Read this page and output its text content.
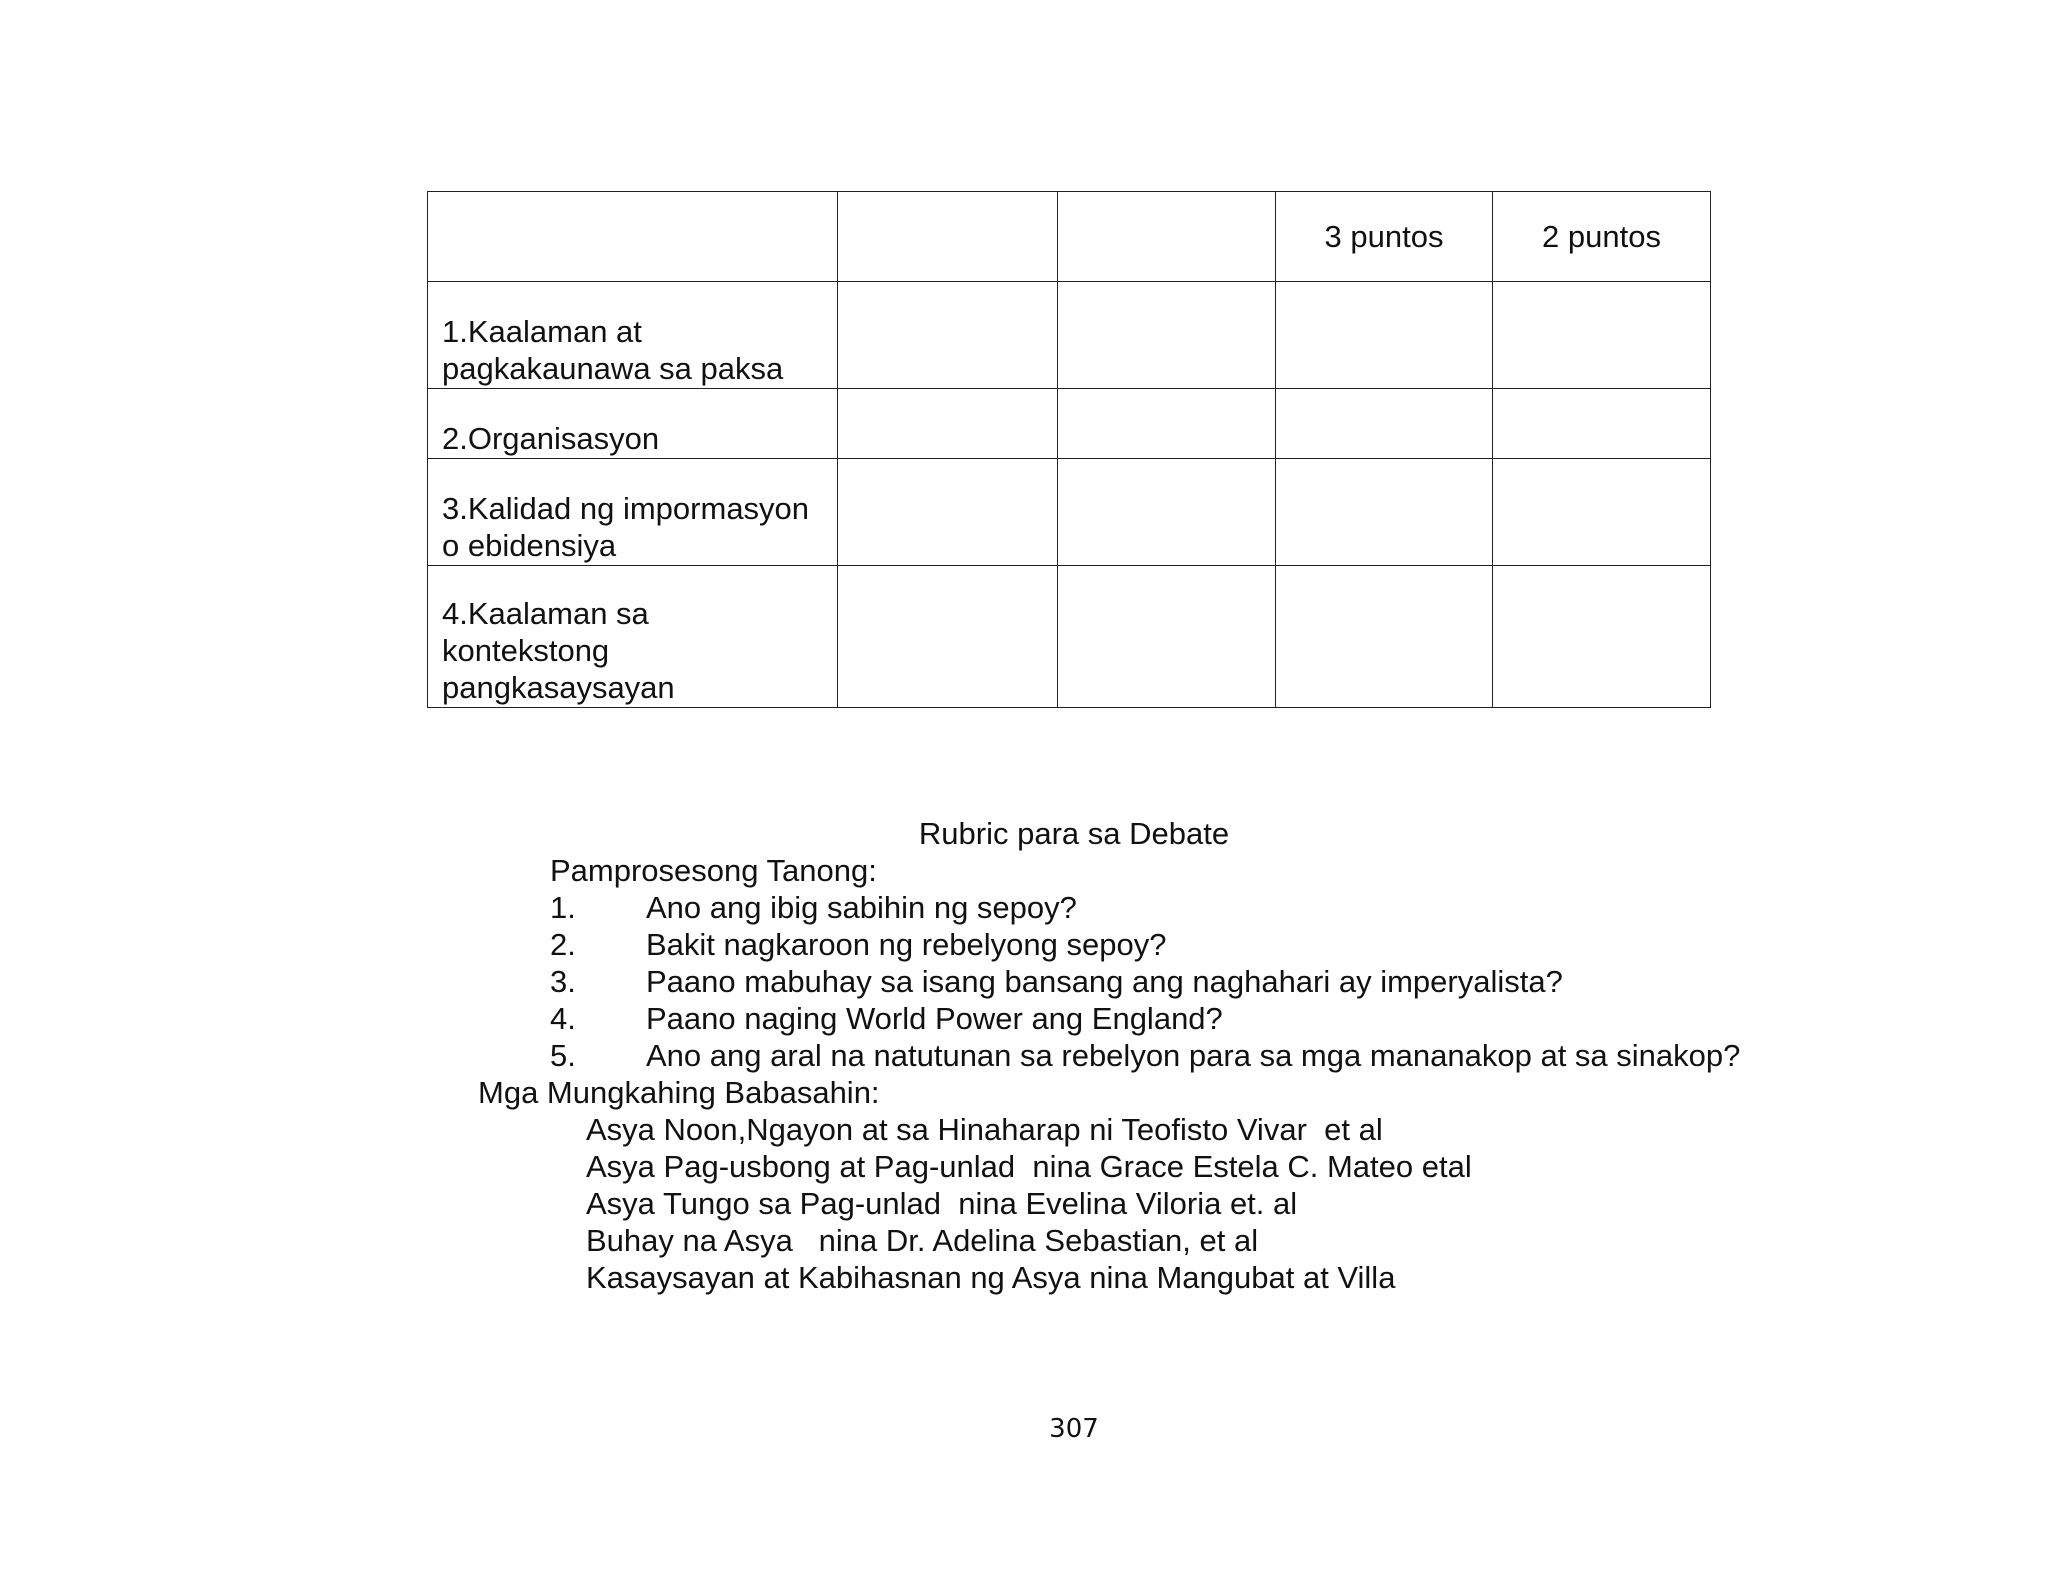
			3 puntos	2 puntos
1.Kaalaman at pagkakaunawa sa paksa				
2.Organisasyon				
3.Kalidad ng impormasyon o ebidensiya				
4.Kaalaman sa kontekstong pangkasaysayan				
Rubric para sa Debate
Pamprosesong Tanong:
1. Ano ang ibig sabihin ng sepoy?
2. Bakit nagkaroon ng rebelyong sepoy?
3. Paano mabuhay sa isang bansang ang naghahari ay imperyalista?
4. Paano naging World Power ang England?
5. Ano ang aral na natutunan sa rebelyon para sa mga mananakop at sa sinakop?
Mga Mungkahing Babasahin:
Asya Noon,Ngayon at sa Hinaharap ni Teofisto Vivar  et al
Asya Pag-usbong at Pag-unlad  nina Grace Estela C. Mateo etal
Asya Tungo sa Pag-unlad  nina Evelina Viloria et. al
Buhay na Asya   nina Dr. Adelina Sebastian, et al
Kasaysayan at Kabihasnan ng Asya nina Mangubat at Villa
307
